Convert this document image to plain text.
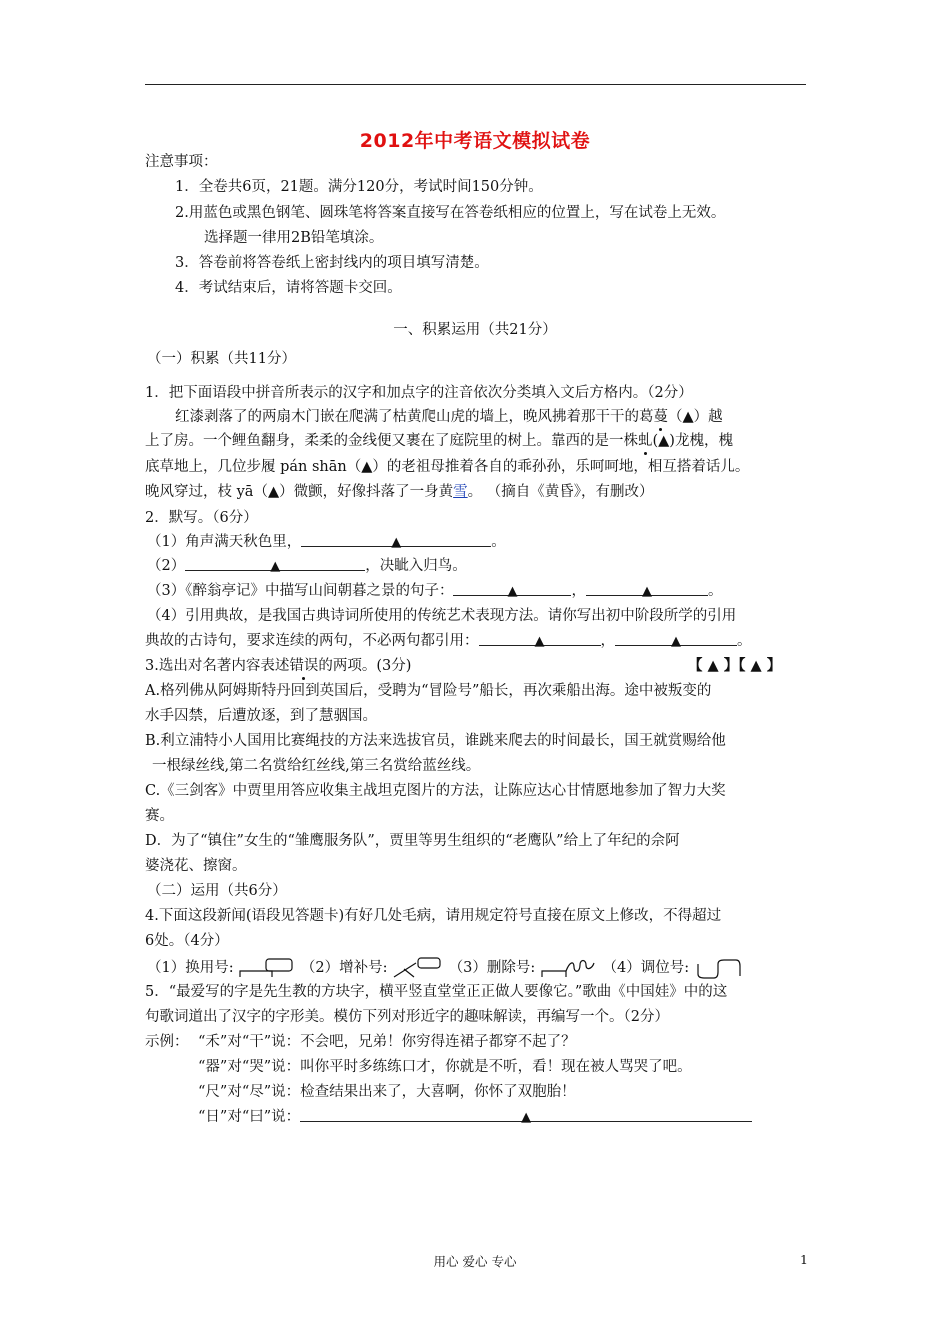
2012年中考语文模拟试卷
注意事项：
1．全卷共6页，21题。满分120分，考试时间150分钟。
2.用蓝色或黑色钢笔、圆珠笔将答案直接写在答卷纸相应的位置上，写在试卷上无效。
选择题一律用2B铅笔填涂。
3．答卷前将答卷纸上密封线内的项目填写清楚。
4．考试结束后，请将答题卡交回。
一、积累运用（共21分）
（一）积累（共11分）
1．把下面语段中拼音所表示的汉字和加点字的注音依次分类填入文后方格内。（2分）
红漆剥落了的两扇木门嵌在爬满了枯黄爬山虎的墙上，晚风拂着那干干的葛蔓（▲）越
上了房。一个鲤鱼翻身，柔柔的金线便又裹在了庭院里的树上。靠西的是一株虬(▲)龙槐，槐
底草地上，几位步履 pán shān（▲）的老祖母推着各自的乖孙孙，乐呵呵地，相互搭着话儿。
晚风穿过，枝 yā（▲）微颤，好像抖落了一身黄雪。 （摘自《黄昏》，有删改）
2．默写。（6分）
（1）角声满天秋色里，	▲	。
（2）	▲	，决眦入归鸟。
（3）《醉翁亭记》中描写山间朝暮之景的句子：	▲	，	▲	。
（4）引用典故，是我国古典诗词所使用的传统艺术表现方法。请你写出初中阶段所学的引用
典故的古诗句，要求连续的两句，不必两句都引用：	▲	，	▲	。
3.选出对名著内容表述错误的两项。(3分)	【 ▲ 】【 ▲ 】
A.格列佛从阿姆斯特丹回到英国后，受聘为“冒险号”船长，再次乘船出海。途中被叛变的
水手囚禁，后遭放逐，到了慧骃国。
B.利立浦特小人国用比赛绳技的方法来选拔官员，谁跳来爬去的时间最长，国王就赏赐给他
一根绿丝线,第二名赏给红丝线,第三名赏给蓝丝线。
C.《三剑客》中贾里用答应收集主战坦克图片的方法，让陈应达心甘情愿地参加了智力大奖
赛。
D．为了“镇住”女生的“雏鹰服务队”，贾里等男生组织的“老鹰队”给上了年纪的佘阿
婆浇花、擦窗。
（二）运用（共6分）
4.下面这段新闻(语段见答题卡)有好几处毛病，请用规定符号直接在原文上修改，不得超过
6处。（4分）
（1）换用号:	（2）增补号:	（3）删除号:	（4）调位号:
5．“最爱写的字是先生教的方块字，横平竖直堂堂正正做人要像它。”歌曲《中国娃》中的这
句歌词道出了汉字的字形美。模仿下列对形近字的趣味解读，再编写一个。（2分）
示例： “禾”对“干”说：不会吧，兄弟！你穷得连裙子都穿不起了？
“器”对“哭”说：叫你平时多练练口才，你就是不听，看！现在被人骂哭了吧。
“尺”对“尽”说：检查结果出来了，大喜啊，你怀了双胞胎！
“日”对“曰”说：	▲
用心 爱心 专心	1
